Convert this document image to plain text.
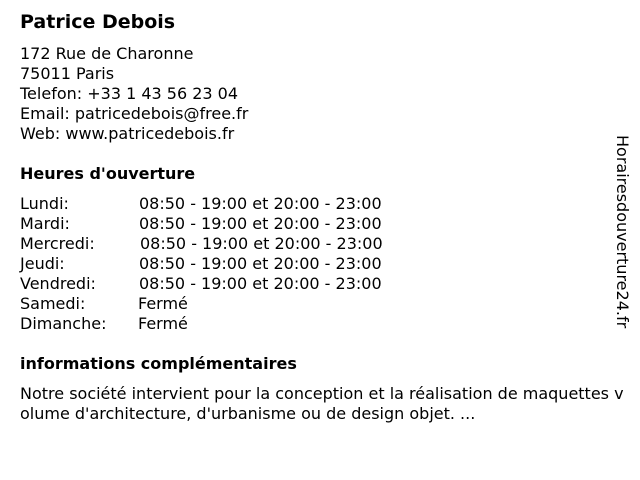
Patrice Debois
172 Rue de Charonne
75011 Paris
Telefon: +33 1 43 56 23 04
Email: patricedebois@free.fr
Web: www.patricedebois.fr
Heures d'ouverture
Lundi:	08:50 - 19:00 et 20:00 - 23:00
Mardi:	08:50 - 19:00 et 20:00 - 23:00
Mercredi:	08:50 - 19:00 et 20:00 - 23:00
Jeudi:	08:50 - 19:00 et 20:00 - 23:00
Vendredi:	08:50 - 19:00 et 20:00 - 23:00
Samedi:	Fermé
Dimanche: Fermé
informations complémentaires
Notre société intervient pour la conception et la réalisation de maquettes volume d'architecture, d'urbanisme ou de design objet. ...
Horairesdouverture24.fr
